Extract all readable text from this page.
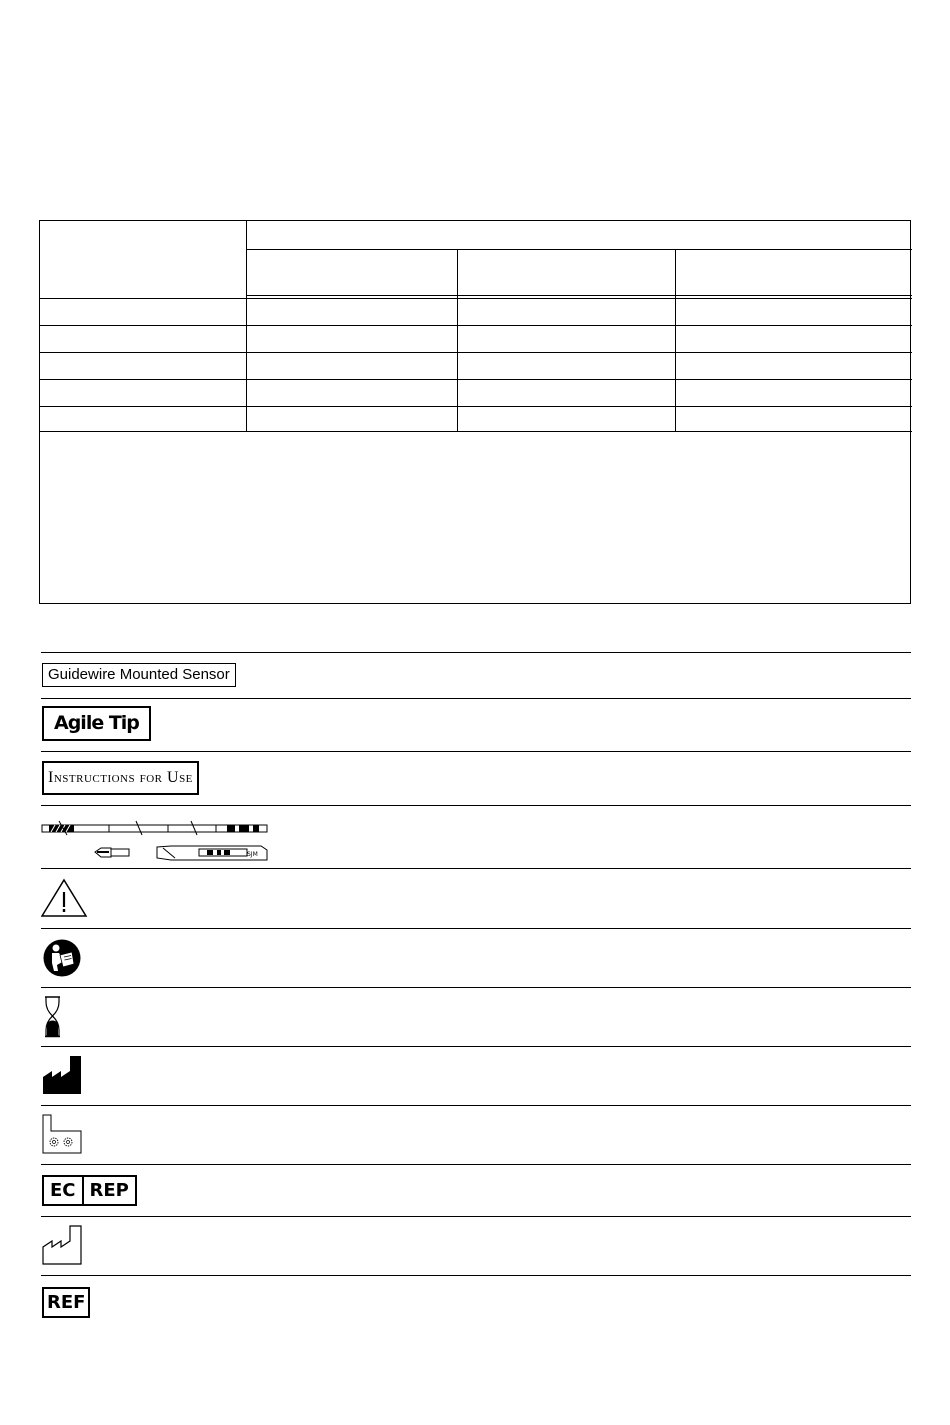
Guidewire Mounted Sensor
Agile Tip
Instructions for Use
SJM
EC REP
REF
